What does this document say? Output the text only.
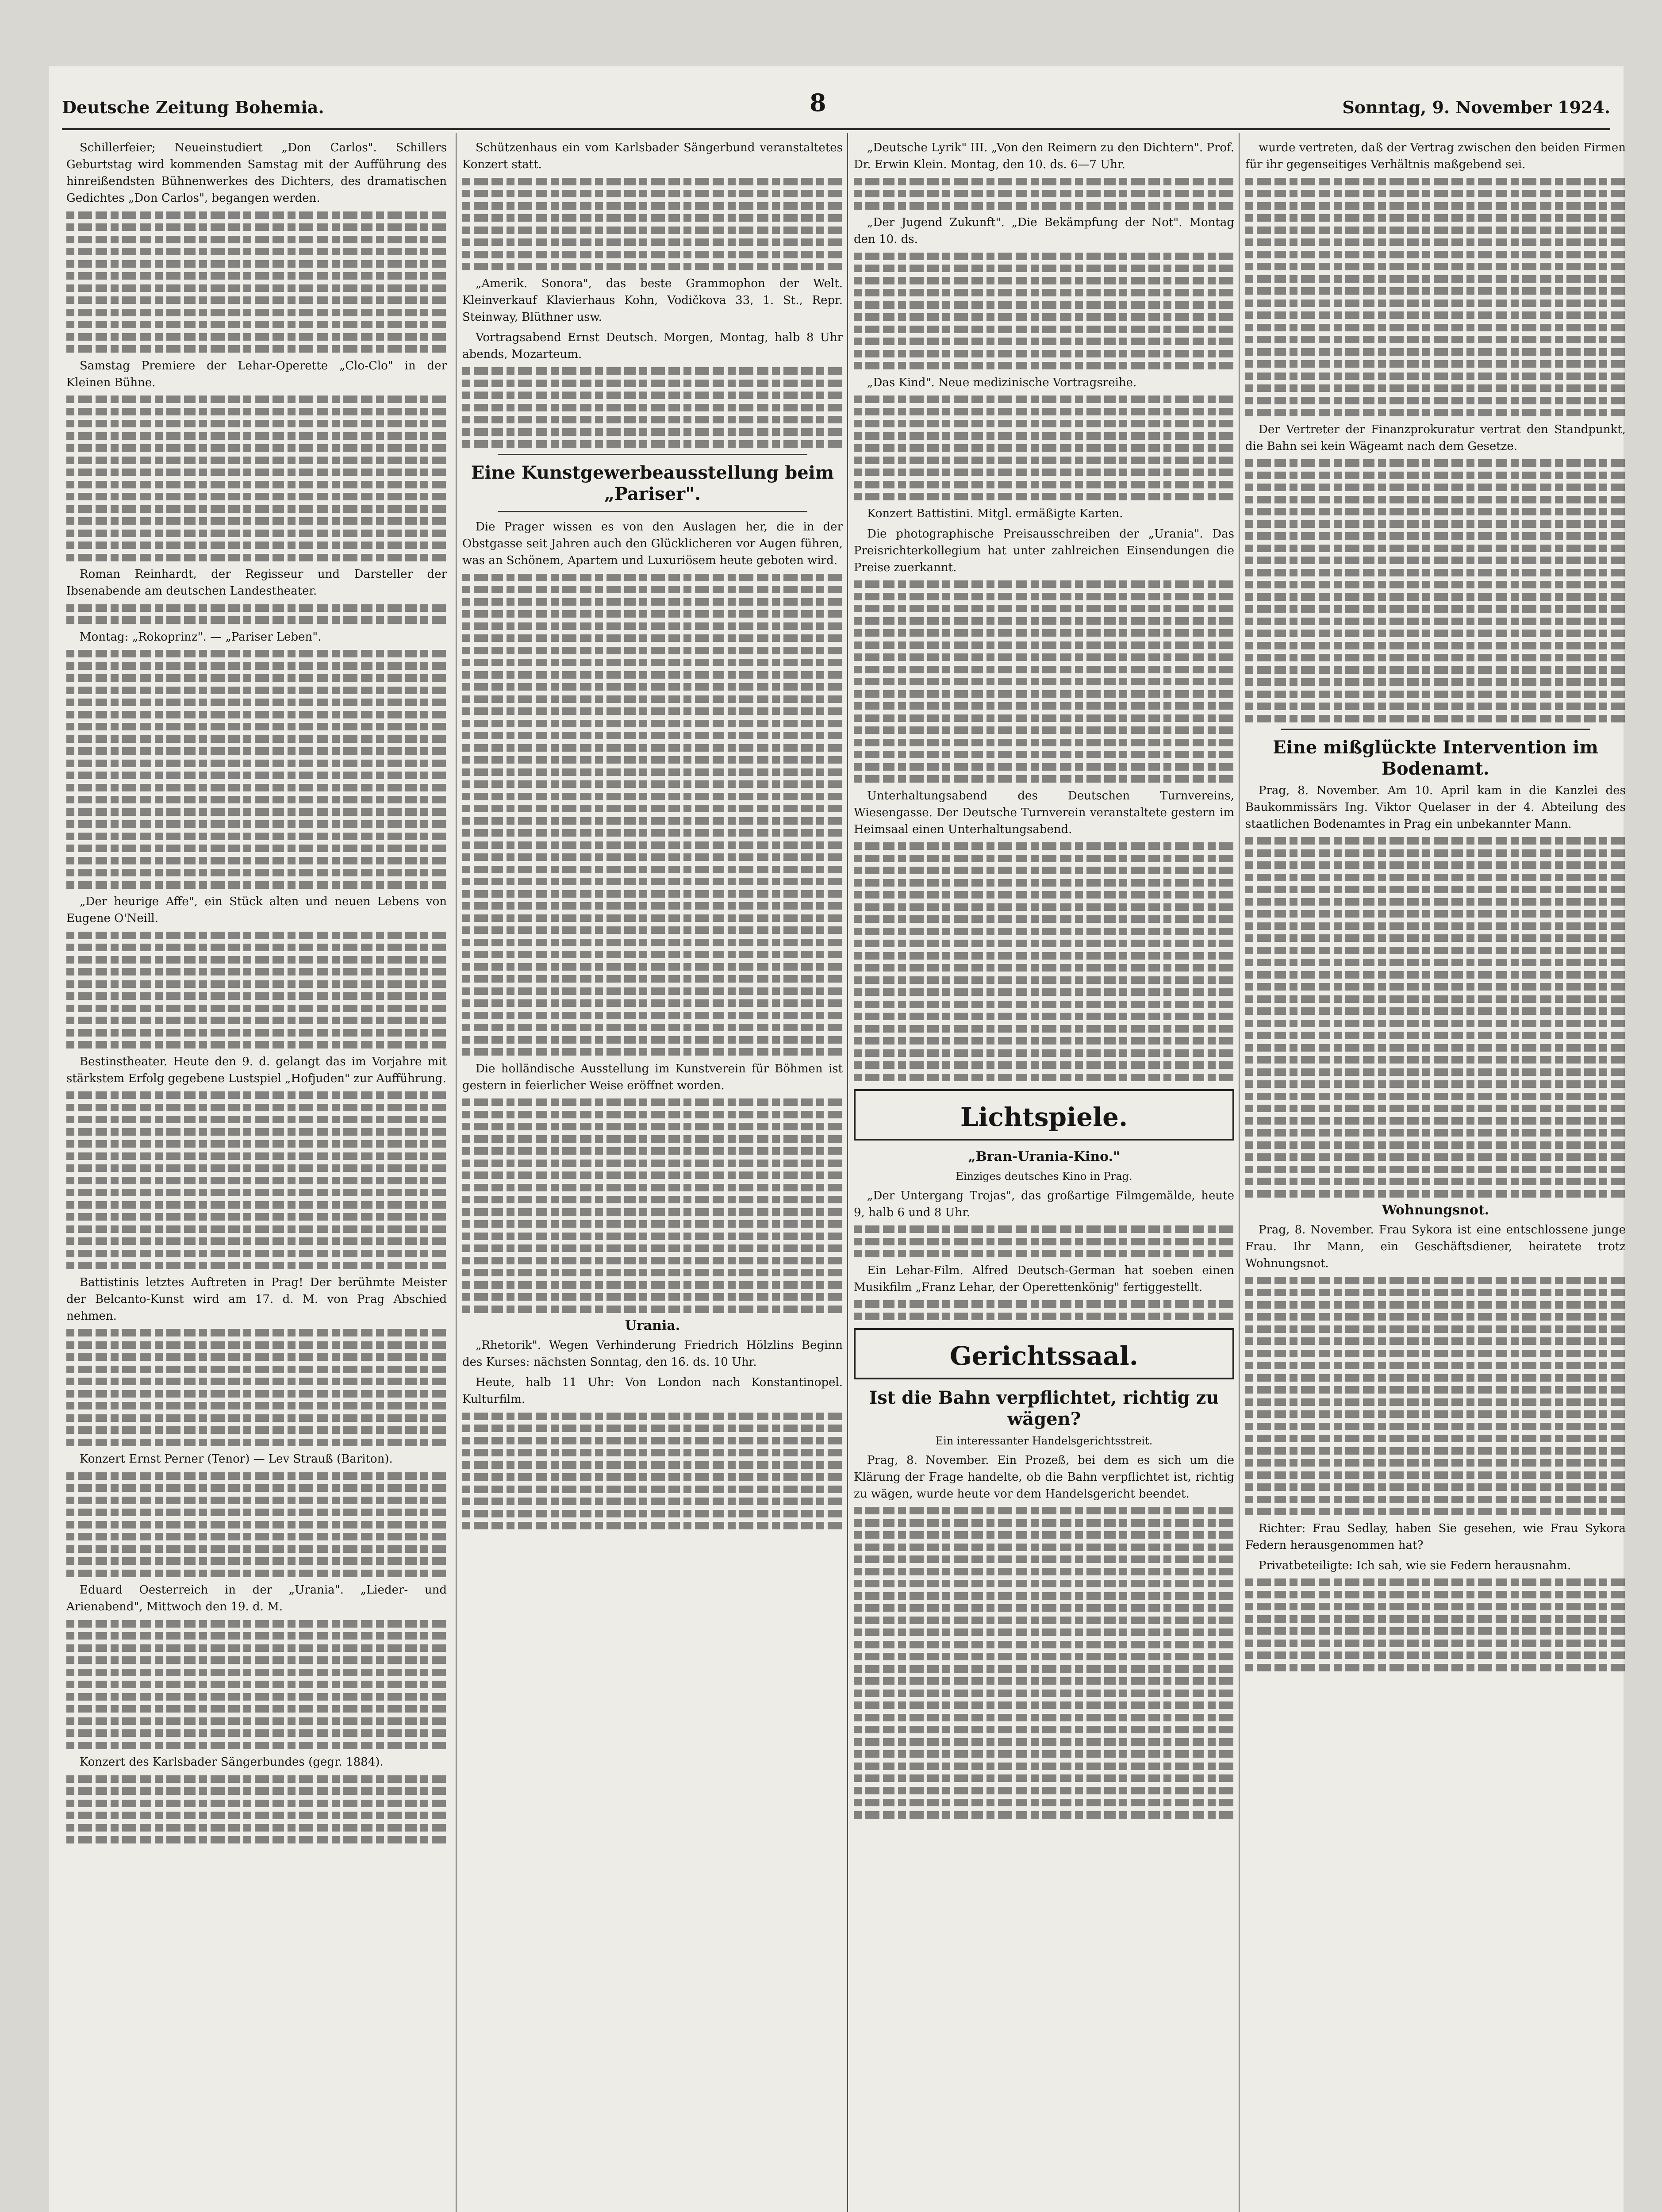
Deutsche Zeitung Bohemia.	8	Sonntag, 9. November 1924.

Schillerfeier; Neueinstudiert „Don Carlos". Schillers Geburtstag wird kommenden Samstag mit der Aufführung des hinreißendsten Bühnenwerkes des Dichters, des dramatischen Gedichtes „Don Carlos", begangen werden.

Samstag Premiere der Lehar-Operette „Clo-Clo" in der Kleinen Bühne.

Roman Reinhardt, der Regisseur und Darsteller der Ibsenabende am deutschen Landestheater.

Montag: „Rokoprinz". — „Pariser Leben".

„Der heurige Affe", ein Stück alten und neuen Lebens von Eugene O'Neill.

Bestinstheater. Heute den 9. d. gelangt das im Vorjahre mit stärkstem Erfolg gegebene Lustspiel „Hofjuden" zur Aufführung.

Battistinis letztes Auftreten in Prag! Der berühmte Meister der Belcanto-Kunst wird am 17. d. M. von Prag Abschied nehmen.

Konzert Ernst Perner (Tenor) — Lev Strauß (Bariton).

Eduard Oesterreich in der „Urania". „Lieder- und Arienabend", Mittwoch den 19. d. M.

Konzert des Karlsbader Sängerbundes (gegr. 1884).

Schützenhaus ein vom Karlsbader Sängerbund veranstaltetes Konzert statt.

„Amerik. Sonora", das beste Grammophon der Welt. Kleinverkauf Klavierhaus Kohn, Vodičkova 33, 1. St., Repr. Steinway, Blüthner usw.

Vortragsabend Ernst Deutsch. Morgen, Montag, halb 8 Uhr abends, Mozarteum.

Eine Kunstgewerbeausstellung beim „Pariser".

Die Prager wissen es von den Auslagen her, die in der Obstgasse seit Jahren auch den Glücklicheren vor Augen führen, was an Schönem, Apartem und Luxuriösem heute geboten wird.

Die holländische Ausstellung im Kunstverein für Böhmen ist gestern in feierlicher Weise eröffnet worden.

Urania.

„Rhetorik". Wegen Verhinderung Friedrich Hölzlins Beginn des Kurses: nächsten Sonntag, den 16. ds. 10 Uhr.

Heute, halb 11 Uhr: Von London nach Konstantinopel. Kulturfilm.

„Deutsche Lyrik" III. „Von den Reimern zu den Dichtern". Prof. Dr. Erwin Klein. Montag, den 10. ds. 6—7 Uhr.

„Der Jugend Zukunft". „Die Bekämpfung der Not". Montag den 10. ds.

„Das Kind". Neue medizinische Vortragsreihe.

Konzert Battistini. Mitgl. ermäßigte Karten.

Die photographische Preisausschreiben der „Urania". Das Preisrichterkollegium hat unter zahlreichen Einsendungen die Preise zuerkannt.

Unterhaltungsabend des Deutschen Turnvereins, Wiesengasse. Der Deutsche Turnverein veranstaltete gestern im Heimsaal einen Unterhaltungsabend.

Lichtspiele.
„Bran-Urania-Kino."
Einziges deutsches Kino in Prag.

„Der Untergang Trojas", das großartige Filmgemälde, heute 9, halb 6 und 8 Uhr.

Ein Lehar-Film. Alfred Deutsch-German hat soeben einen Musikfilm „Franz Lehar, der Operettenkönig" fertiggestellt.

Gerichtssaal.
Ist die Bahn verpflichtet, richtig zu wägen?
Ein interessanter Handelsgerichtsstreit.

Prag, 8. November. Ein Prozeß, bei dem es sich um die Klärung der Frage handelte, ob die Bahn verpflichtet ist, richtig zu wägen, wurde heute vor dem Handelsgericht beendet.

wurde vertreten, daß der Vertrag zwischen den beiden Firmen für ihr gegenseitiges Verhältnis maßgebend sei.

Der Vertreter der Finanzprokuratur vertrat den Standpunkt, die Bahn sei kein Wägeamt nach dem Gesetze.

Eine mißglückte Intervention im Bodenamt.

Prag, 8. November. Am 10. April kam in die Kanzlei des Baukommissärs Ing. Viktor Quelaser in der 4. Abteilung des staatlichen Bodenamtes in Prag ein unbekannter Mann.

Wohnungsnot.

Prag, 8. November. Frau Sykora ist eine entschlossene junge Frau. Ihr Mann, ein Geschäftsdiener, heiratete trotz Wohnungsnot.

Richter: Frau Sedlay, haben Sie gesehen, wie Frau Sykora Federn herausgenommen hat?

Privatbeteiligte: Ich sah, wie sie Federn herausnahm.
